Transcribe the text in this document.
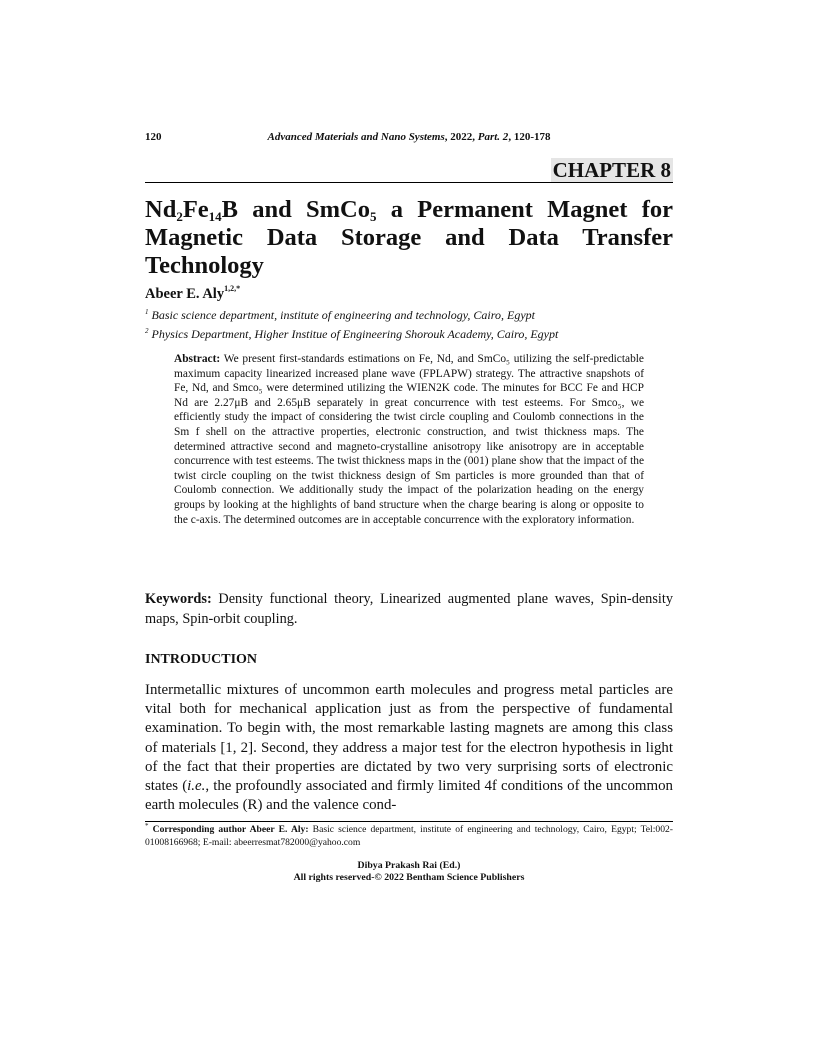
120	Advanced Materials and Nano Systems, 2022, Part. 2, 120-178
CHAPTER 8
$Nd_2Fe_{14}B$ and SmCo$_5$ a Permanent Magnet for Magnetic Data Storage and Data Transfer Technology
Abeer E. Aly$^{1,2,*}$
$^1$ Basic science department, institute of engineering and technology, Cairo, Egypt
$^2$ Physics Department, Higher Institue of Engineering Shorouk Academy, Cairo, Egypt
Abstract: We present first-standards estimations on Fe, Nd, and SmCo₅ utilizing the self-predictable maximum capacity linearized increased plane wave (FPLAPW) strategy. The attractive snapshots of Fe, Nd, and Smco₅ were determined utilizing the WIEN2K code. The minutes for BCC Fe and HCP Nd are 2.27μB and 2.65μB separately in great concurrence with test esteems. For Smco₅, we efficiently study the impact of considering the twist circle coupling and Coulomb connections in the Sm f shell on the attractive properties, electronic construction, and twist thickness maps. The determined attractive second and magneto-crystalline anisotropy like anisotropy are in acceptable concurrence with test esteems. The twist thickness maps in the (001) plane show that the impact of the twist circle coupling on the twist thickness design of Sm particles is more grounded than that of Coulomb connection. We additionally study the impact of the polarization heading on the energy groups by looking at the highlights of band structure when the charge bearing is along or opposite to the c-axis. The determined outcomes are in acceptable concurrence with the exploratory information.
Keywords: Density functional theory, Linearized augmented plane waves, Spin-density maps, Spin-orbit coupling.
INTRODUCTION
Intermetallic mixtures of uncommon earth molecules and progress metal particles are vital both for mechanical application just as from the perspective of fundamental examination. To begin with, the most remarkable lasting magnets are among this class of materials [1, 2]. Second, they address a major test for the electron hypothesis in light of the fact that their properties are dictated by two very surprising sorts of electronic states (i.e., the profoundly associated and firmly limited 4f conditions of the uncommon earth molecules (R) and the valence cond-
* Corresponding author Abeer E. Aly: Basic science department, institute of engineering and technology, Cairo, Egypt; Tel:002-01008166968; E-mail: abeerresmat782000@yahoo.com
Dibya Prakash Rai (Ed.)
All rights reserved-© 2022 Bentham Science Publishers
